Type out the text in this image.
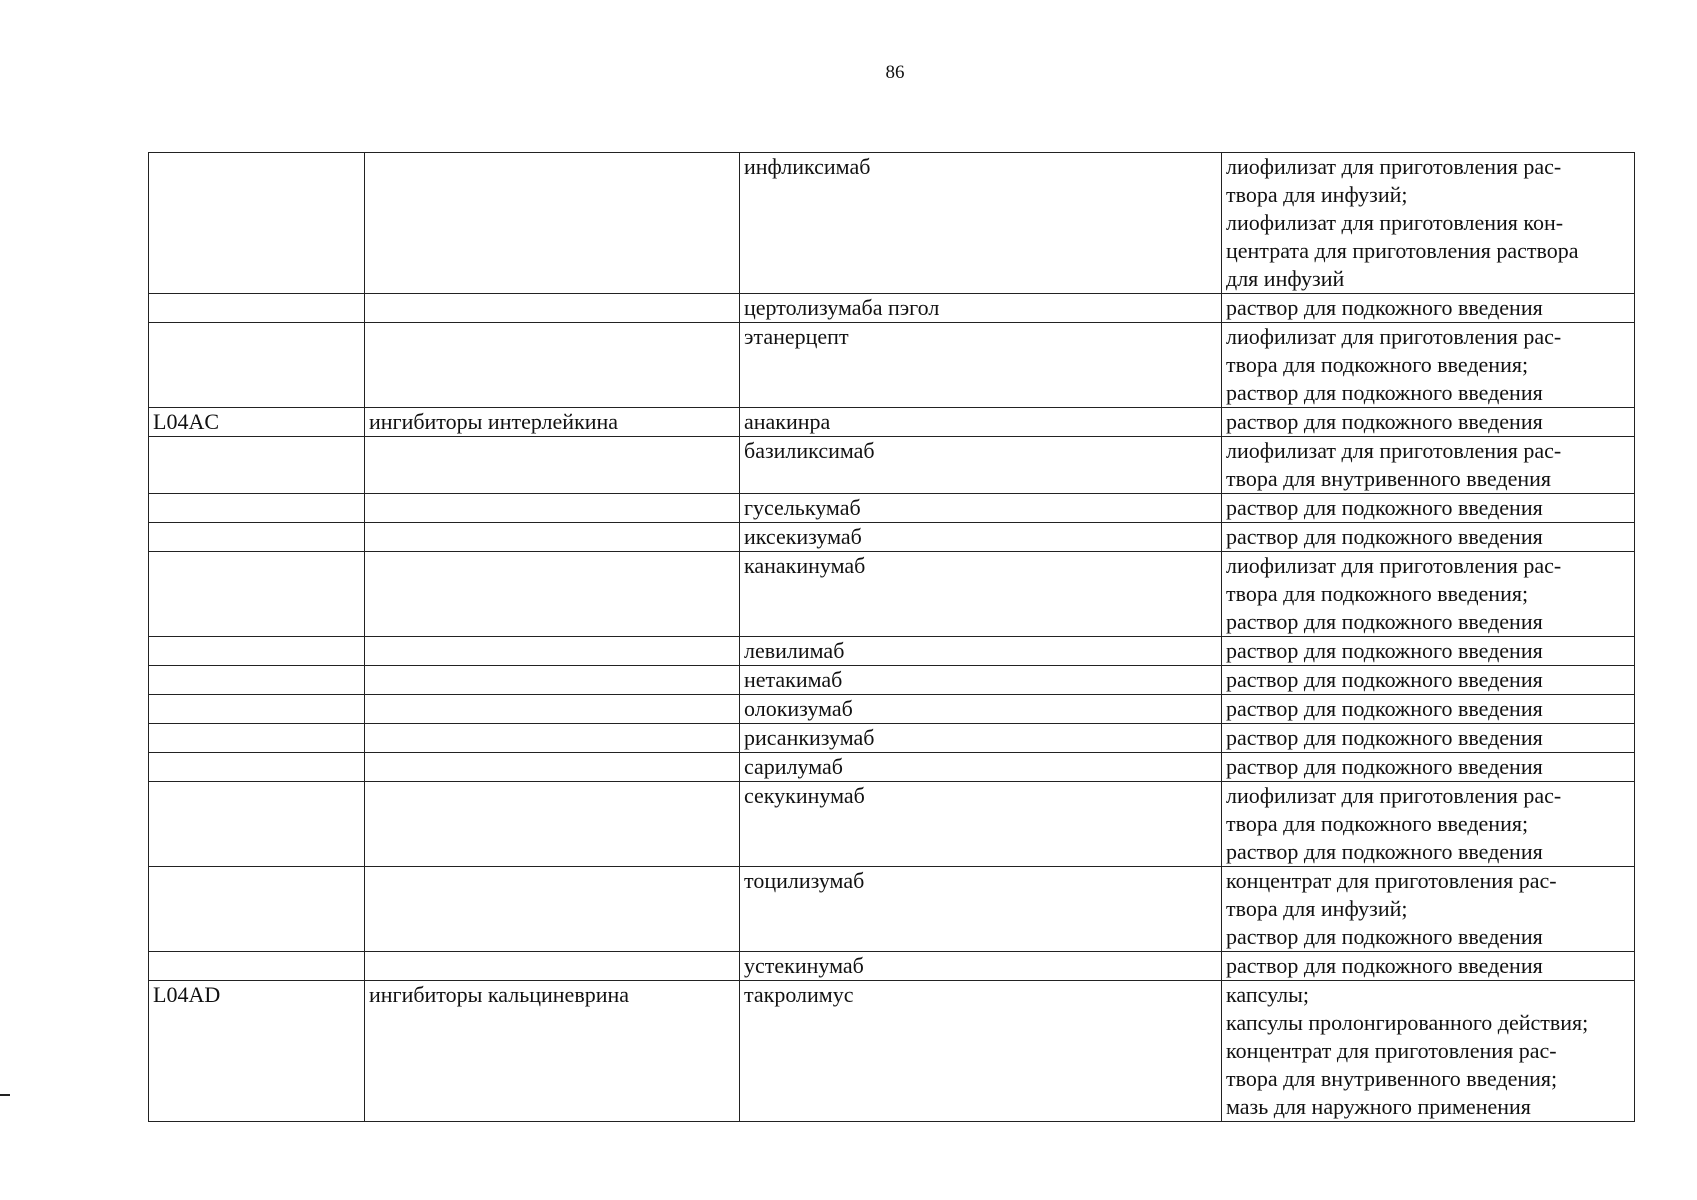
86
		инфликсимаб	лиофилизат для приготовления рас-
твора для инфузий;
лиофилизат для приготовления кон-
центрата для приготовления раствора
для инфузий
		цертолизумаба пэгол	раствор для подкожного введения
		этанерцепт	лиофилизат для приготовления рас-
твора для подкожного введения;
раствор для подкожного введения
L04AC	ингибиторы интерлейкина	анакинра	раствор для подкожного введения
		базиликсимаб	лиофилизат для приготовления рас-
твора для внутривенного введения
		гуселькумаб	раствор для подкожного введения
		иксекизумаб	раствор для подкожного введения
		канакинумаб	лиофилизат для приготовления рас-
твора для подкожного введения;
раствор для подкожного введения
		левилимаб	раствор для подкожного введения
		нетакимаб	раствор для подкожного введения
		олокизумаб	раствор для подкожного введения
		рисанкизумаб	раствор для подкожного введения
		сарилумаб	раствор для подкожного введения
		секукинумаб	лиофилизат для приготовления рас-
твора для подкожного введения;
раствор для подкожного введения
		тоцилизумаб	концентрат для приготовления рас-
твора для инфузий;
раствор для подкожного введения
		устекинумаб	раствор для подкожного введения
L04AD	ингибиторы кальциневрина	такролимус	капсулы;
капсулы пролонгированного действия;
концентрат для приготовления рас-
твора для внутривенного введения;
мазь для наружного применения
